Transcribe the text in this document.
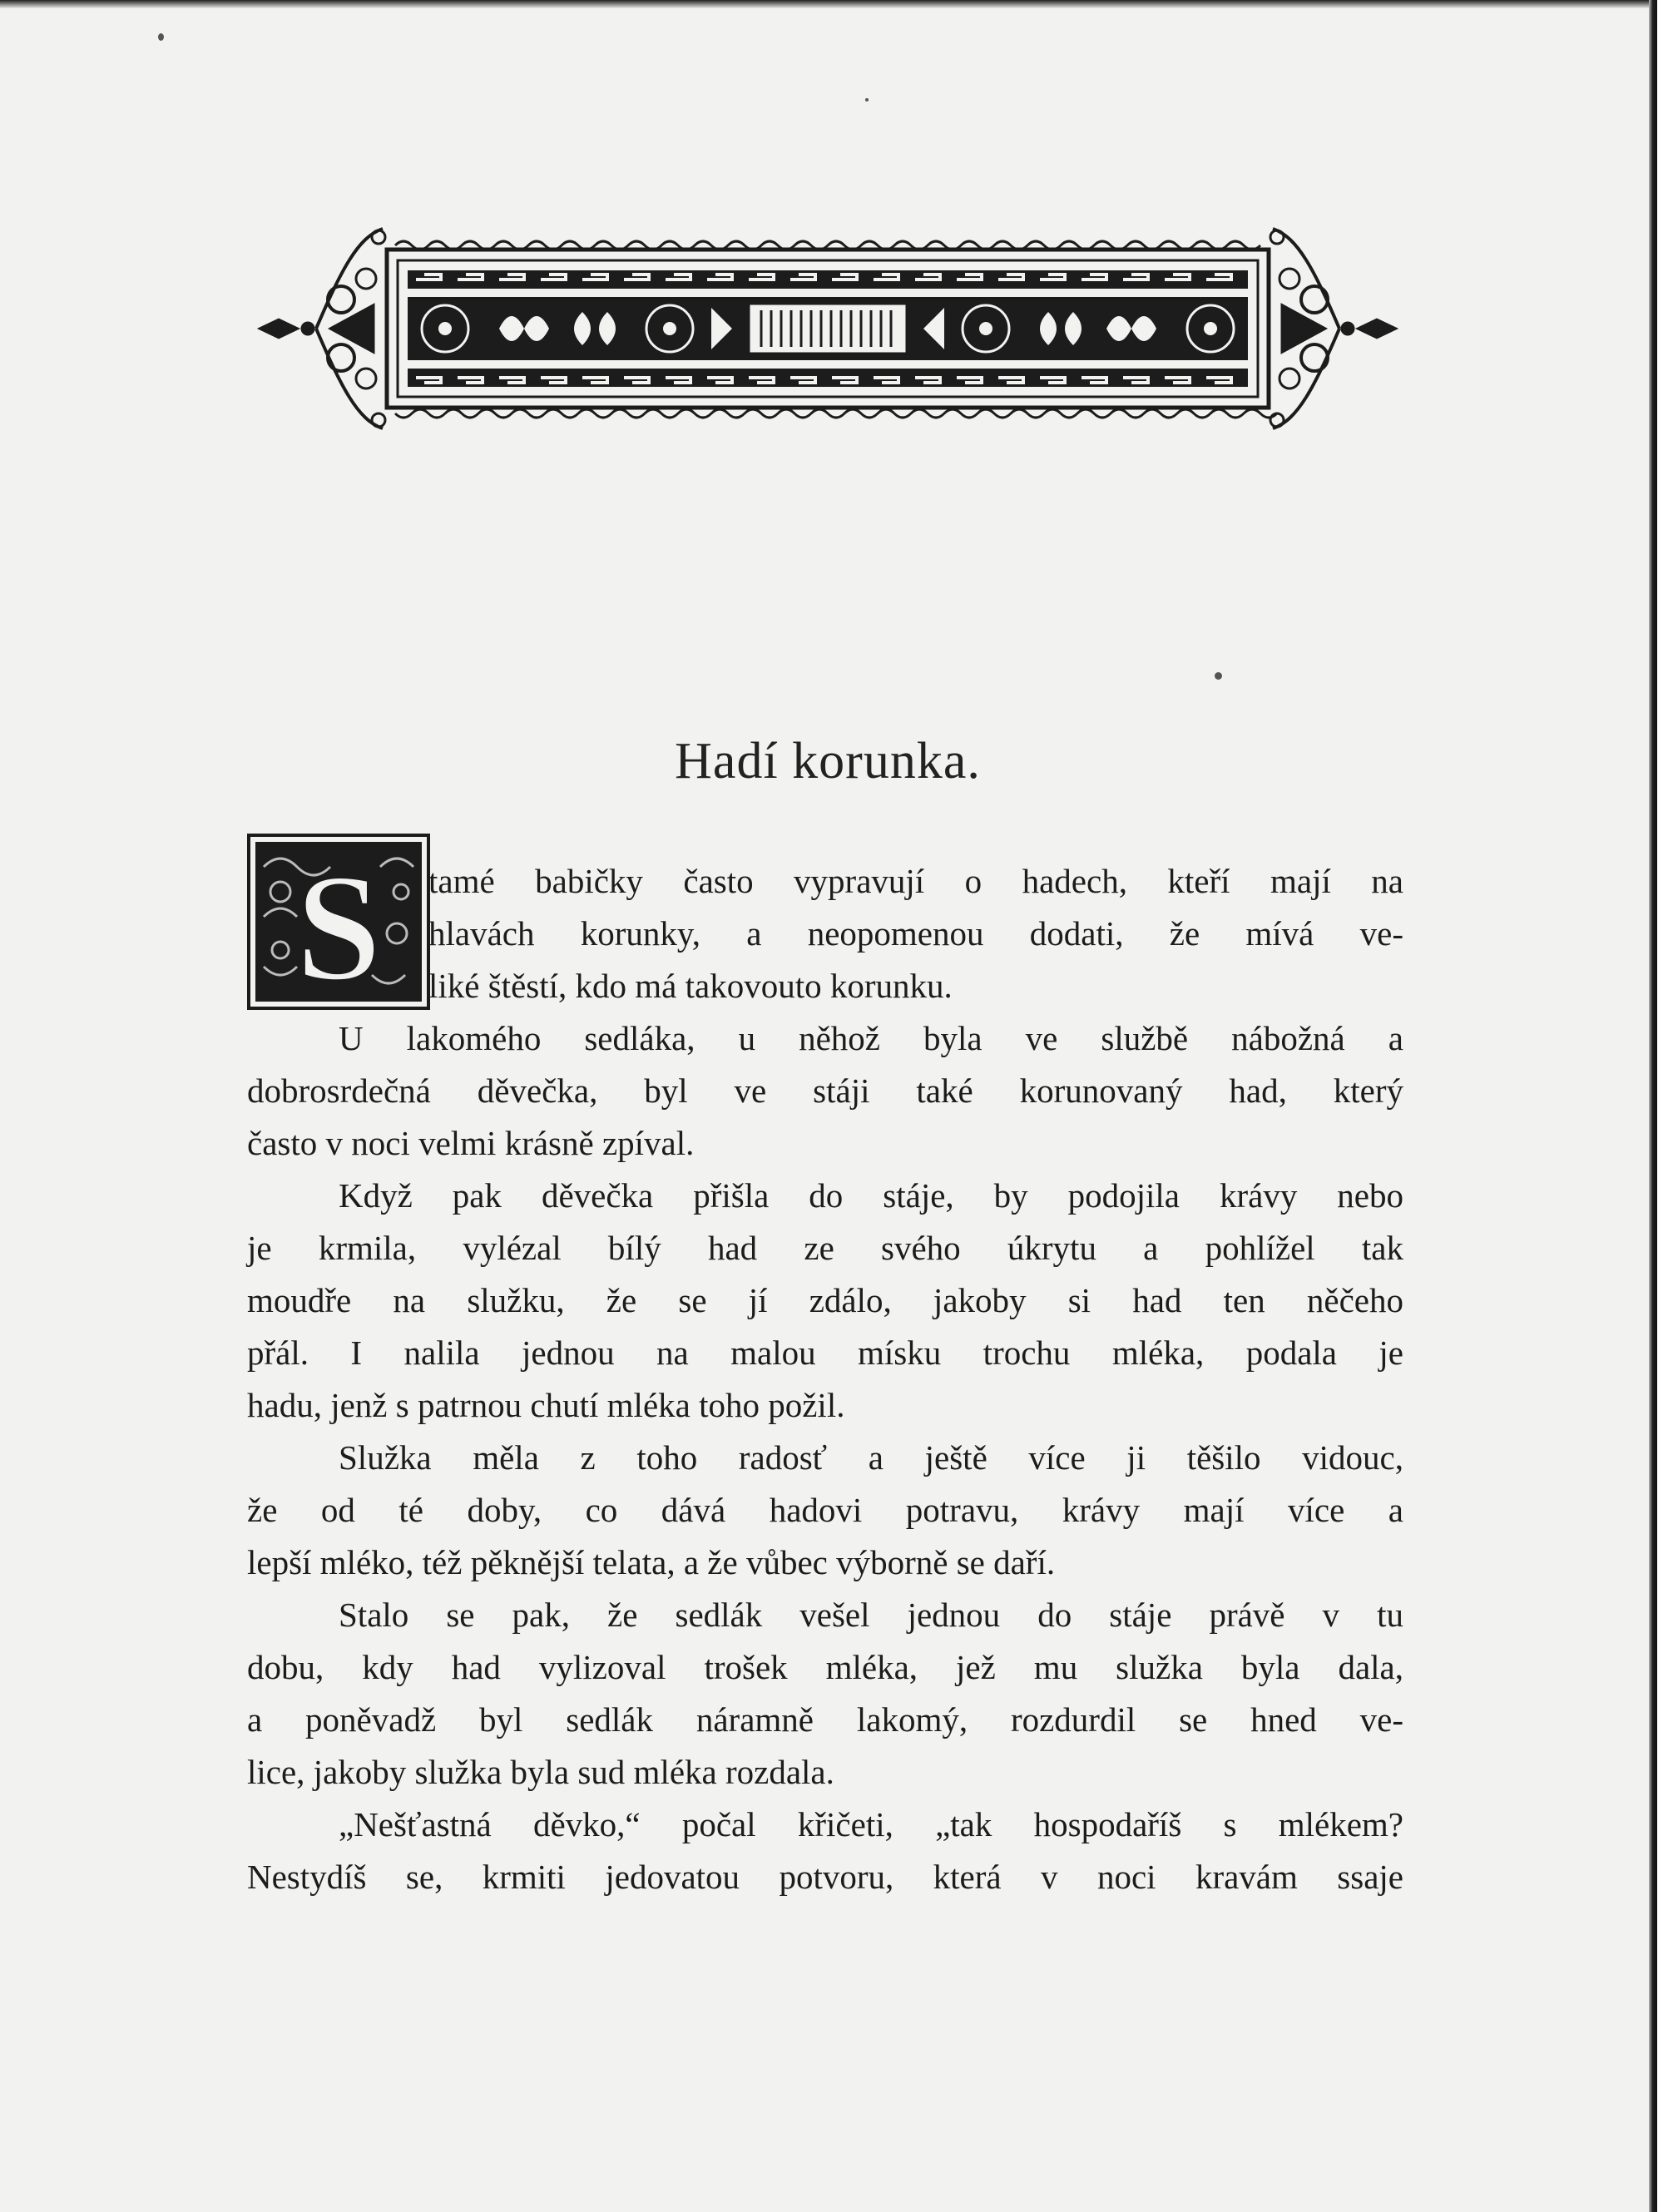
Hadí korunka.
S	tamé babičky často vypravují o hadech, kteří mají na
hlavách korunky, a neopomenou dodati, že mívá ve-
liké štěstí, kdo má takovouto korunku.
U lakomého sedláka, u něhož byla ve službě nábožná a
dobrosrdečná děvečka, byl ve stáji také korunovaný had, který
často v noci velmi krásně zpíval.
Když pak děvečka přišla do stáje, by podojila krávy nebo
je krmila, vylézal bílý had ze svého úkrytu a pohlížel tak
moudře na služku, že se jí zdálo, jakoby si had ten něčeho
přál. I nalila jednou na malou mísku trochu mléka, podala je
hadu, jenž s patrnou chutí mléka toho požil.
Služka měla z toho radosť a ještě více ji těšilo vidouc,
že od té doby, co dává hadovi potravu, krávy mají více a
lepší mléko, též pěknější telata, a že vůbec výborně se daří.
Stalo se pak, že sedlák vešel jednou do stáje právě v tu
dobu, kdy had vylizoval trošek mléka, jež mu služka byla dala,
a poněvadž byl sedlák náramně lakomý, rozdurdil se hned ve-
lice, jakoby služka byla sud mléka rozdala.
„Nešťastná děvko,“ počal křičeti, „tak hospodaříš s mlékem?
Nestydíš se, krmiti jedovatou potvoru, která v noci kravám ssaje
